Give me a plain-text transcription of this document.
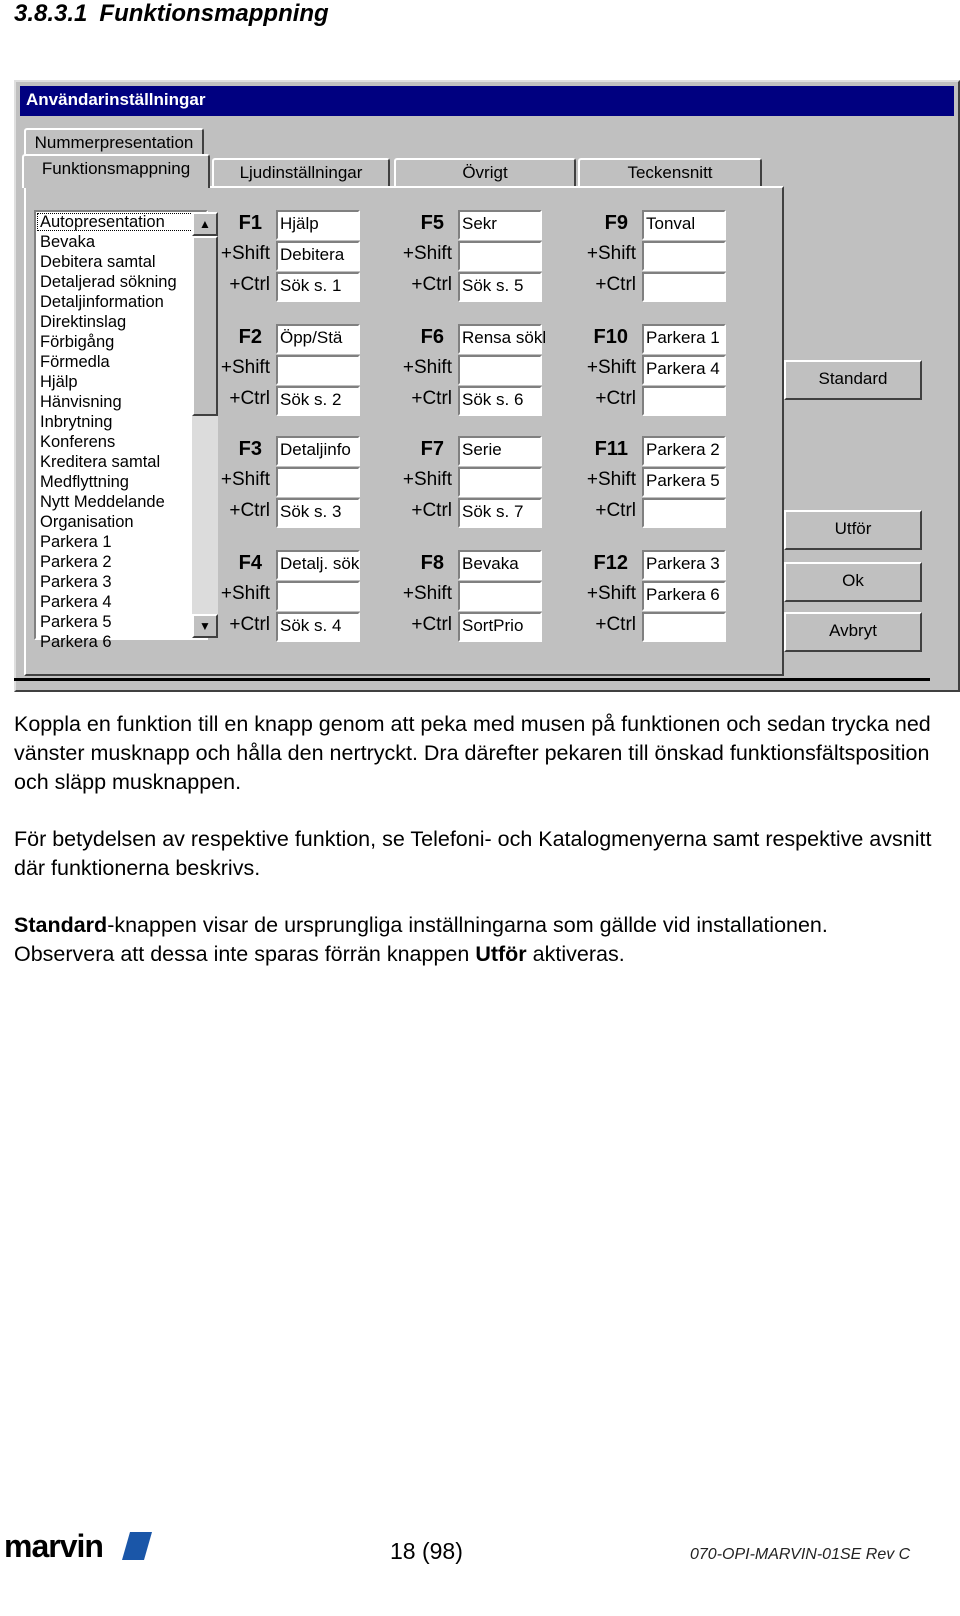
3.8.3.1 Funktionsmappning
Användarinställningar
Nummerpresentation
Funktionsmappning	Ljudinställningar	Övrigt	Teckensnitt
Autopresentation
Bevaka
Debitera samtal
Detaljerad sökning
Detaljinformation
Direktinslag
Förbigång
Förmedla
Hjälp
Hänvisning
Inbrytning
Konferens
Kreditera samtal
Medflyttning
Nytt Meddelande
Organisation
Parkera 1
Parkera 2
Parkera 3
Parkera 4
Parkera 5
Parkera 6
▲
▼
F1 Hjälp
+Shift Debitera
+Ctrl Sök s. 1
F2 Öpp/Stä
+Shift
+Ctrl Sök s. 2
F3 Detaljinfo
+Shift
+Ctrl Sök s. 3
F4 Detalj. sök
+Shift
+Ctrl Sök s. 4
F5 Sekr
+Shift
+Ctrl Sök s. 5
F6 Rensa sökl
+Shift
+Ctrl Sök s. 6
F7 Serie
+Shift
+Ctrl Sök s. 7
F8 Bevaka
+Shift
+Ctrl SortPrio
F9 Tonval
+Shift
+Ctrl
F10 Parkera 1
+Shift Parkera 4
+Ctrl
F11 Parkera 2
+Shift Parkera 5
+Ctrl
F12 Parkera 3
+Shift Parkera 6
+Ctrl
Standard
Utför
Ok
Avbryt
Koppla en funktion till en knapp genom att peka med musen på funktionen och sedan trycka ned vänster musknapp och hålla den nertryckt. Dra därefter pekaren till önskad funktionsfältsposition och släpp musknappen.
För betydelsen av respektive funktion, se Telefoni- och Katalogmenyerna samt respektive avsnitt där funktionerna beskrivs.
Standard-knappen visar de ursprungliga inställningarna som gällde vid installationen. Observera att dessa inte sparas förrän knappen Utför aktiveras.
marvin	18 (98)	070-OPI-MARVIN-01SE Rev C
